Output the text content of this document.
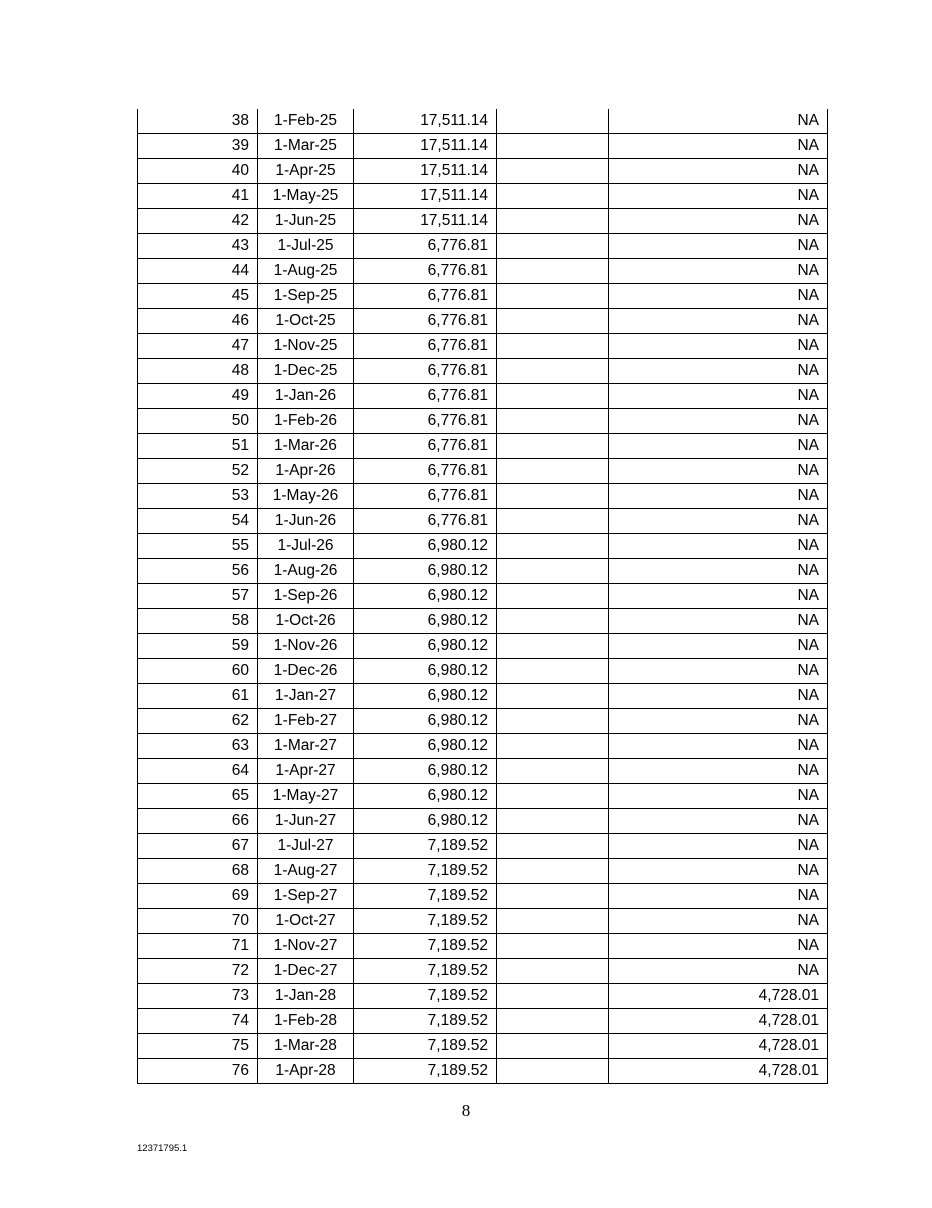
38	1-Feb-25	17,511.14		NA
39	1-Mar-25	17,511.14		NA
40	1-Apr-25	17,511.14		NA
41	1-May-25	17,511.14		NA
42	1-Jun-25	17,511.14		NA
43	1-Jul-25	6,776.81		NA
44	1-Aug-25	6,776.81		NA
45	1-Sep-25	6,776.81		NA
46	1-Oct-25	6,776.81		NA
47	1-Nov-25	6,776.81		NA
48	1-Dec-25	6,776.81		NA
49	1-Jan-26	6,776.81		NA
50	1-Feb-26	6,776.81		NA
51	1-Mar-26	6,776.81		NA
52	1-Apr-26	6,776.81		NA
53	1-May-26	6,776.81		NA
54	1-Jun-26	6,776.81		NA
55	1-Jul-26	6,980.12		NA
56	1-Aug-26	6,980.12		NA
57	1-Sep-26	6,980.12		NA
58	1-Oct-26	6,980.12		NA
59	1-Nov-26	6,980.12		NA
60	1-Dec-26	6,980.12		NA
61	1-Jan-27	6,980.12		NA
62	1-Feb-27	6,980.12		NA
63	1-Mar-27	6,980.12		NA
64	1-Apr-27	6,980.12		NA
65	1-May-27	6,980.12		NA
66	1-Jun-27	6,980.12		NA
67	1-Jul-27	7,189.52		NA
68	1-Aug-27	7,189.52		NA
69	1-Sep-27	7,189.52		NA
70	1-Oct-27	7,189.52		NA
71	1-Nov-27	7,189.52		NA
72	1-Dec-27	7,189.52		NA
73	1-Jan-28	7,189.52		4,728.01
74	1-Feb-28	7,189.52		4,728.01
75	1-Mar-28	7,189.52		4,728.01
76	1-Apr-28	7,189.52		4,728.01
8
12371795.1
